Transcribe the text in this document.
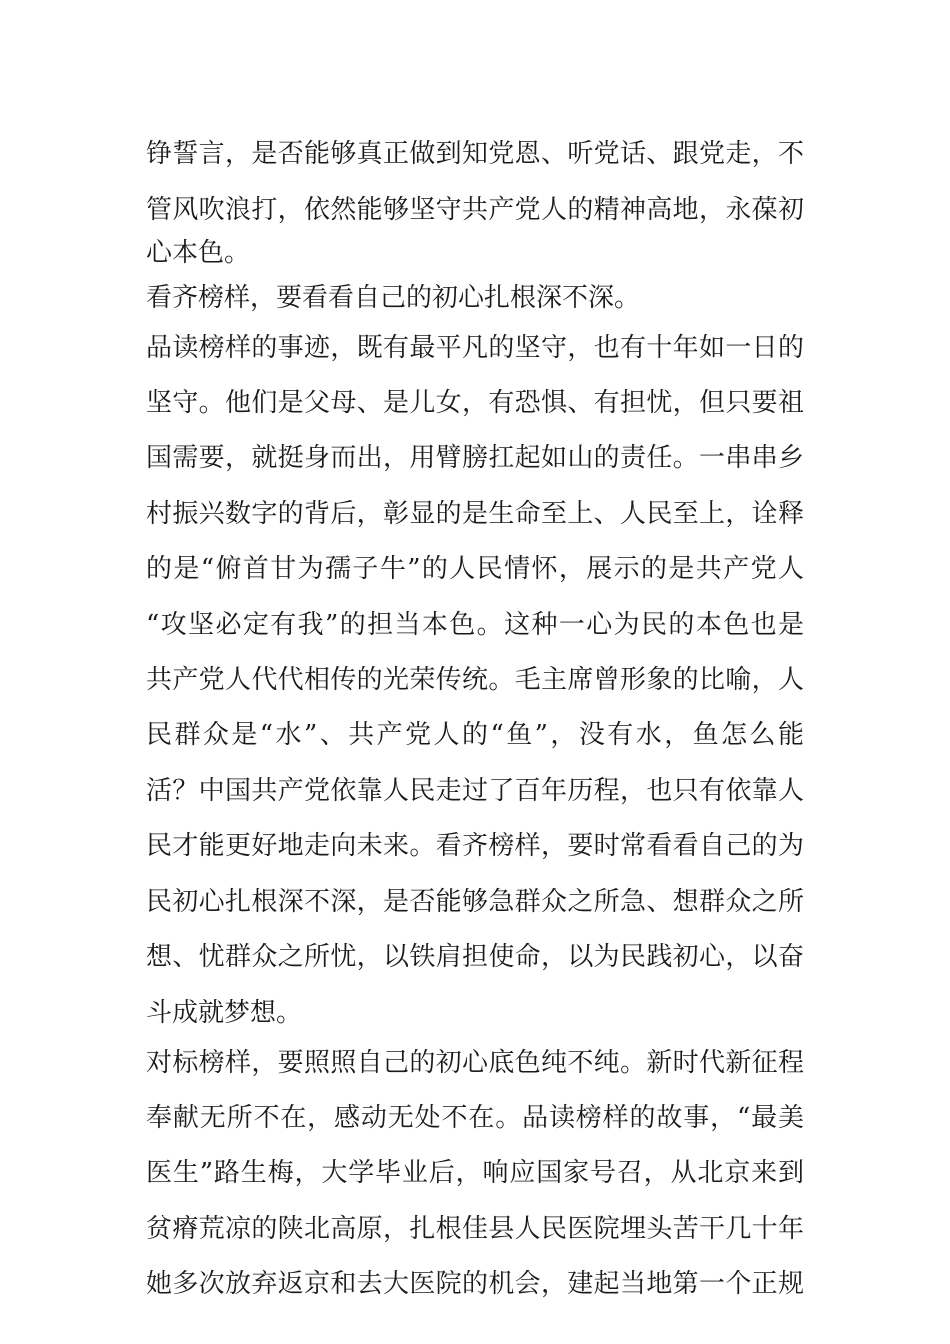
铮誓言，是否能够真正做到知党恩、听党话、跟党走，不
管风吹浪打，依然能够坚守共产党人的精神高地，永葆初
心本色。
看齐榜样，要看看自己的初心扎根深不深。
品读榜样的事迹，既有最平凡的坚守，也有十年如一日的
坚守。他们是父母、是儿女，有恐惧、有担忧，但只要祖
国需要，就挺身而出，用臂膀扛起如山的责任。一串串乡
村振兴数字的背后，彰显的是生命至上、人民至上，诠释
的是“俯首甘为孺子牛”的人民情怀，展示的是共产党人
“攻坚必定有我”的担当本色。这种一心为民的本色也是
共产党人代代相传的光荣传统。毛主席曾形象的比喻，人
民群众是“水”、共产党人的“鱼”，没有水，鱼怎么能
活？中国共产党依靠人民走过了百年历程，也只有依靠人
民才能更好地走向未来。看齐榜样，要时常看看自己的为
民初心扎根深不深，是否能够急群众之所急、想群众之所
想、忧群众之所忧，以铁肩担使命，以为民践初心，以奋
斗成就梦想。
对标榜样，要照照自己的初心底色纯不纯。新时代新征程
奉献无所不在，感动无处不在。品读榜样的故事，“最美
医生”路生梅，大学毕业后，响应国家号召，从北京来到
贫瘠荒凉的陕北高原，扎根佳县人民医院埋头苦干几十年
她多次放弃返京和去大医院的机会，建起当地第一个正规
